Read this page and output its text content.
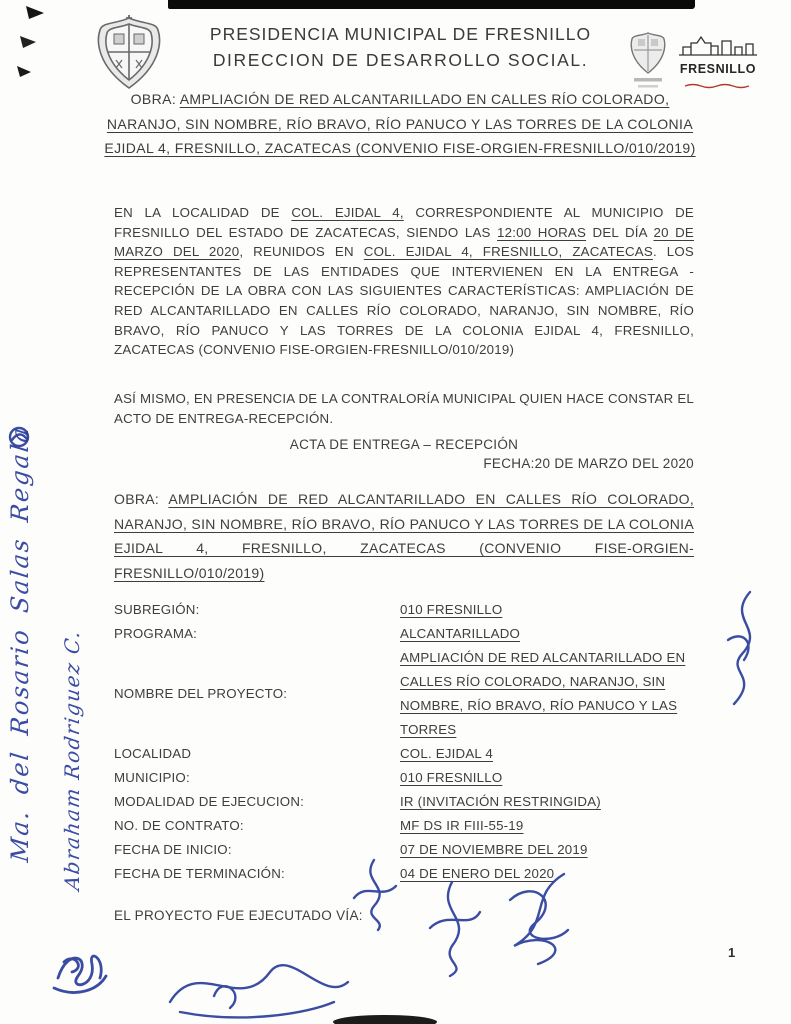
PRESIDENCIA MUNICIPAL DE FRESNILLO
DIRECCION DE DESARROLLO SOCIAL.	FRESNILLO
OBRA: AMPLIACIÓN DE RED ALCANTARILLADO EN CALLES RÍO COLORADO, NARANJO, SIN NOMBRE, RÍO BRAVO, RÍO PANUCO Y LAS TORRES DE LA COLONIA EJIDAL 4, FRESNILLO, ZACATECAS (CONVENIO FISE-ORGIEN-FRESNILLO/010/2019)
EN LA LOCALIDAD DE COL. EJIDAL 4, CORRESPONDIENTE AL MUNICIPIO DE FRESNILLO DEL ESTADO DE ZACATECAS, SIENDO LAS 12:00 HORAS DEL DÍA 20 DE MARZO DEL 2020, REUNIDOS EN COL. EJIDAL 4, FRESNILLO, ZACATECAS. LOS REPRESENTANTES DE LAS ENTIDADES QUE INTERVIENEN EN LA ENTREGA - RECEPCIÓN DE LA OBRA CON LAS SIGUIENTES CARACTERÍSTICAS: AMPLIACIÓN DE RED ALCANTARILLADO EN CALLES RÍO COLORADO, NARANJO, SIN NOMBRE, RÍO BRAVO, RÍO PANUCO Y LAS TORRES DE LA COLONIA EJIDAL 4, FRESNILLO, ZACATECAS (CONVENIO FISE-ORGIEN-FRESNILLO/010/2019)
ASÍ MISMO, EN PRESENCIA DE LA CONTRALORÍA MUNICIPAL QUIEN HACE CONSTAR EL ACTO DE ENTREGA-RECEPCIÓN.
ACTA DE ENTREGA – RECEPCIÓN
FECHA:20 DE MARZO DEL 2020
OBRA: AMPLIACIÓN DE RED ALCANTARILLADO EN CALLES RÍO COLORADO, NARANJO, SIN NOMBRE, RÍO BRAVO, RÍO PANUCO Y LAS TORRES DE LA COLONIA EJIDAL 4, FRESNILLO, ZACATECAS (CONVENIO FISE-ORGIEN-FRESNILLO/010/2019)
SUBREGIÓN:	010 FRESNILLO
PROGRAMA:	ALCANTARILLADO
NOMBRE DEL PROYECTO:
AMPLIACIÓN DE RED ALCANTARILLADO EN CALLES RÍO COLORADO, NARANJO, SIN NOMBRE, RÍO BRAVO, RÍO PANUCO Y LAS TORRES
LOCALIDAD	COL. EJIDAL 4
MUNICIPIO:	010 FRESNILLO
MODALIDAD DE EJECUCION:	IR (INVITACIÓN RESTRINGIDA)
NO. DE CONTRATO:	MF DS IR FIII-55-19
FECHA DE INICIO:	07 DE NOVIEMBRE DEL 2019
FECHA DE TERMINACIÓN:	04 DE ENERO DEL 2020
EL PROYECTO FUE EJECUTADO VÍA:
1
Ma. del Rosario Salas Regala Abraham Rodriguez C.
